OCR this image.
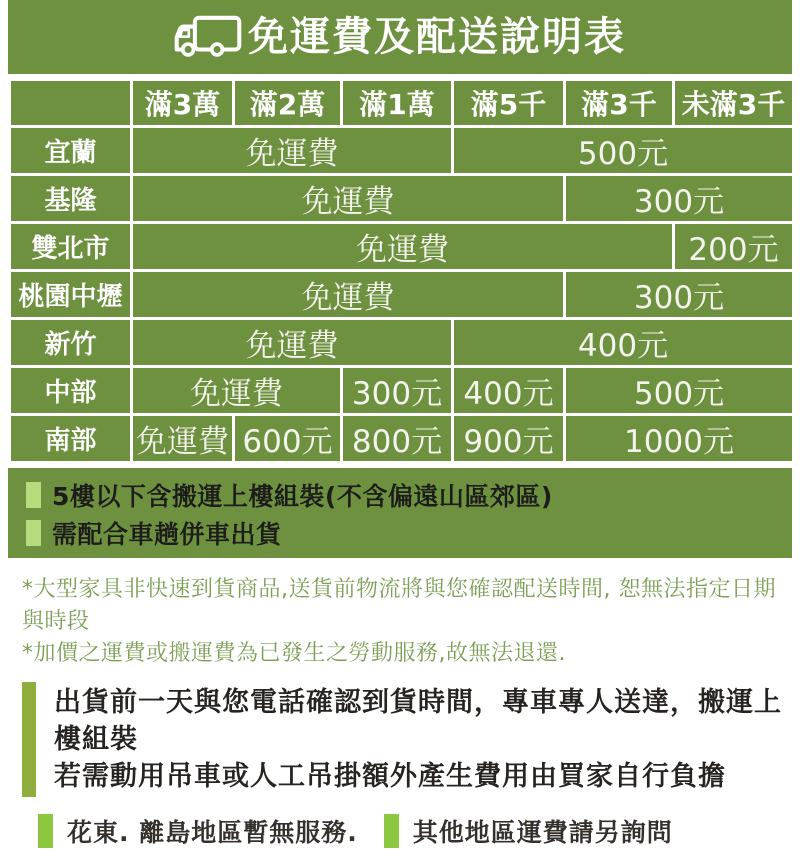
免運費及配送說明表
	滿3萬	滿2萬	滿1萬	滿5千	滿3千	未滿3千
宜蘭	免運費			500元		
基隆	免運費				300元	
雙北市	免運費					200元
桃園中壢	免運費				300元	
新竹	免運費			400元		
中部	免運費		300元	400元	500元	
南部	免運費	600元	800元	900元	1000元	
5樓以下含搬運上樓組裝(不含偏遠山區郊區)
需配合車趟併車出貨
*大型家具非快速到貨商品,送貨前物流將與您確認配送時間, 恕無法指定日期與時段
*加價之運費或搬運費為已發生之勞動服務,故無法退還.
出貨前一天與您電話確認到貨時間，專車專人送達，搬運上樓組裝
若需動用吊車或人工吊掛額外產生費用由買家自行負擔
花東. 離島地區暫無服務. 其他地區運費請另詢問
